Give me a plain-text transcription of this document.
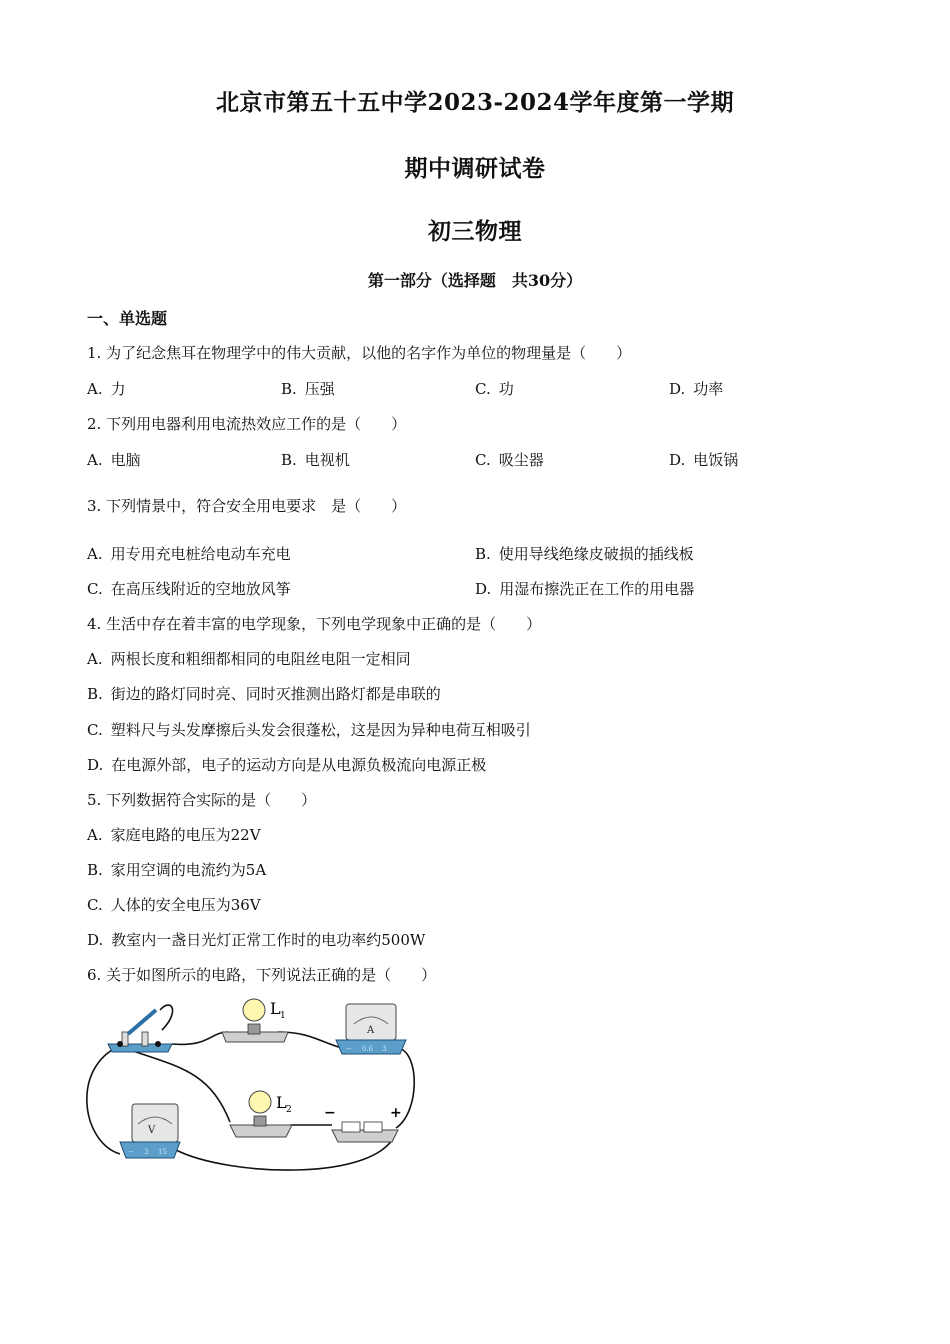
北京市第五十五中学2023-2024学年度第一学期
期中调研试卷
初三物理
第一部分（选择题　共30分）
一、单选题
1. 为了纪念焦耳在物理学中的伟大贡献，以他的名字作为单位的物理量是（　　）
A. 力	B. 压强	C. 功	D. 功率
2. 下列用电器利用电流热效应工作的是（　　）
A. 电脑	B. 电视机	C. 吸尘器	D. 电饭锅
3. 下列情景中，符合安全用电要求　是（　　）
A. 用专用充电桩给电动车充电	B. 使用导线绝缘皮破损的插线板
C. 在高压线附近的空地放风筝	D. 用湿布擦洗正在工作的用电器
4. 生活中存在着丰富的电学现象，下列电学现象中正确的是（　　）
A. 两根长度和粗细都相同的电阻丝电阻一定相同
B. 街边的路灯同时亮、同时灭推测出路灯都是串联的
C. 塑料尺与头发摩擦后头发会很蓬松，这是因为异种电荷互相吸引
D. 在电源外部，电子的运动方向是从电源负极流向电源正极
5. 下列数据符合实际的是（　　）
A. 家庭电路的电压为22V
B. 家用空调的电流约为5A
C. 人体的安全电压为36V
D. 教室内一盏日光灯正常工作时的电功率约500W
6. 关于如图所示的电路，下列说法正确的是（　　）
L 1
A
− 0.6 3
V
− 3 15
L 2 −	+
